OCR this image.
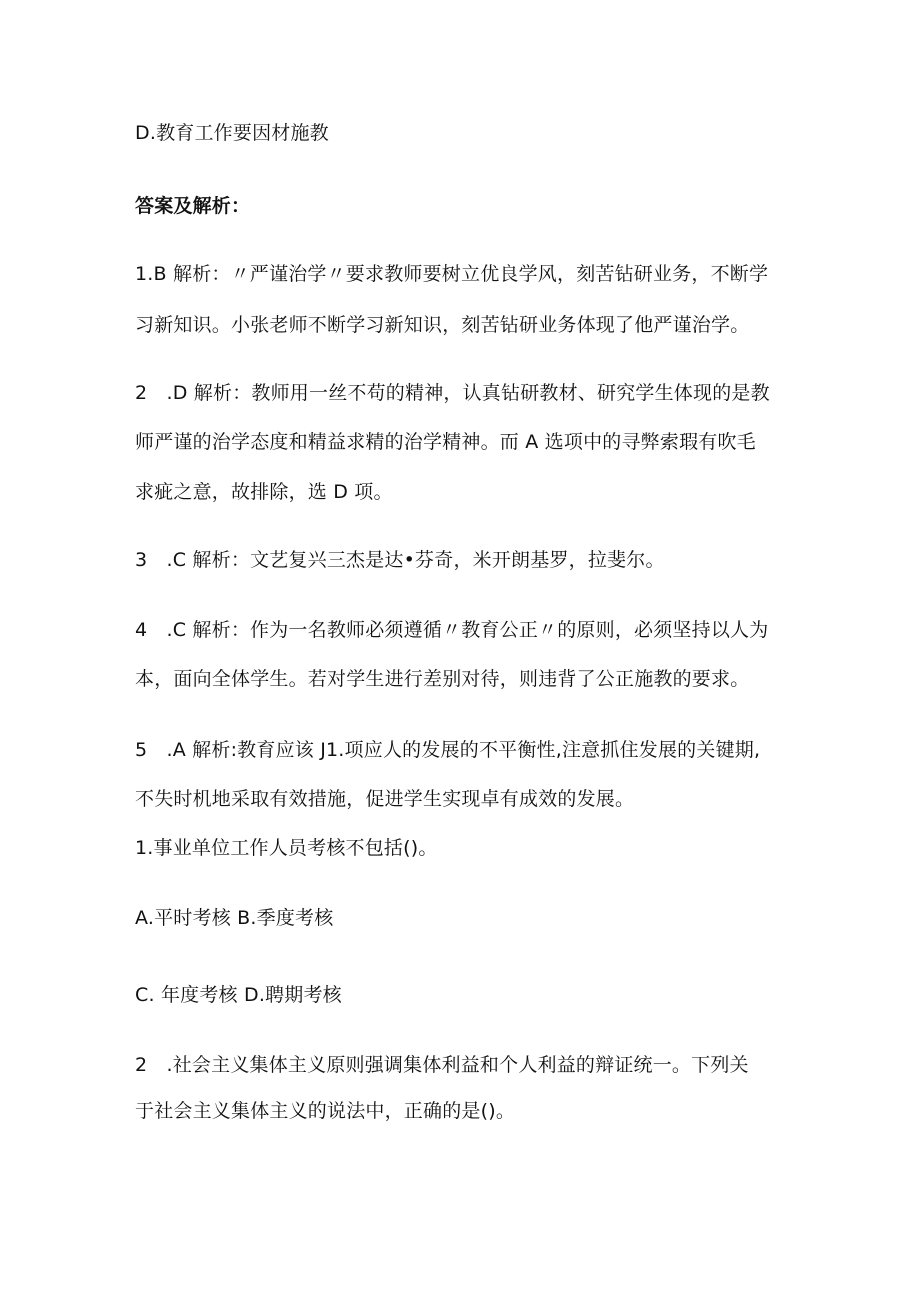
D.教育工作要因材施教
答案及解析：
1.B 解析：〃严谨治学〃要求教师要树立优良学风，刻苦钻研业务，不断学
习新知识。小张老师不断学习新知识，刻苦钻研业务体现了他严谨治学。
2　.D 解析：教师用一丝不苟的精神，认真钻研教材、研究学生体现的是教
师严谨的治学态度和精益求精的治学精神。而 A 选项中的寻弊索瑕有吹毛
求疵之意，故排除，选 D 项。
3　.C 解析：文艺复兴三杰是达•芬奇，米开朗基罗，拉斐尔。
4　.C 解析：作为一名教师必须遵循〃教育公正〃的原则，必须坚持以人为
本，面向全体学生。若对学生进行差别对待，则违背了公正施教的要求。
5　.A 解析:教育应该 J1.项应人的发展的不平衡性,注意抓住发展的关键期,
不失时机地采取有效措施，促进学生实现卓有成效的发展。
1.事业单位工作人员考核不包括()。
A.平时考核 B.季度考核
C. 年度考核 D.聘期考核
2　.社会主义集体主义原则强调集体利益和个人利益的辩证统一。下列关
于社会主义集体主义的说法中，正确的是()。
